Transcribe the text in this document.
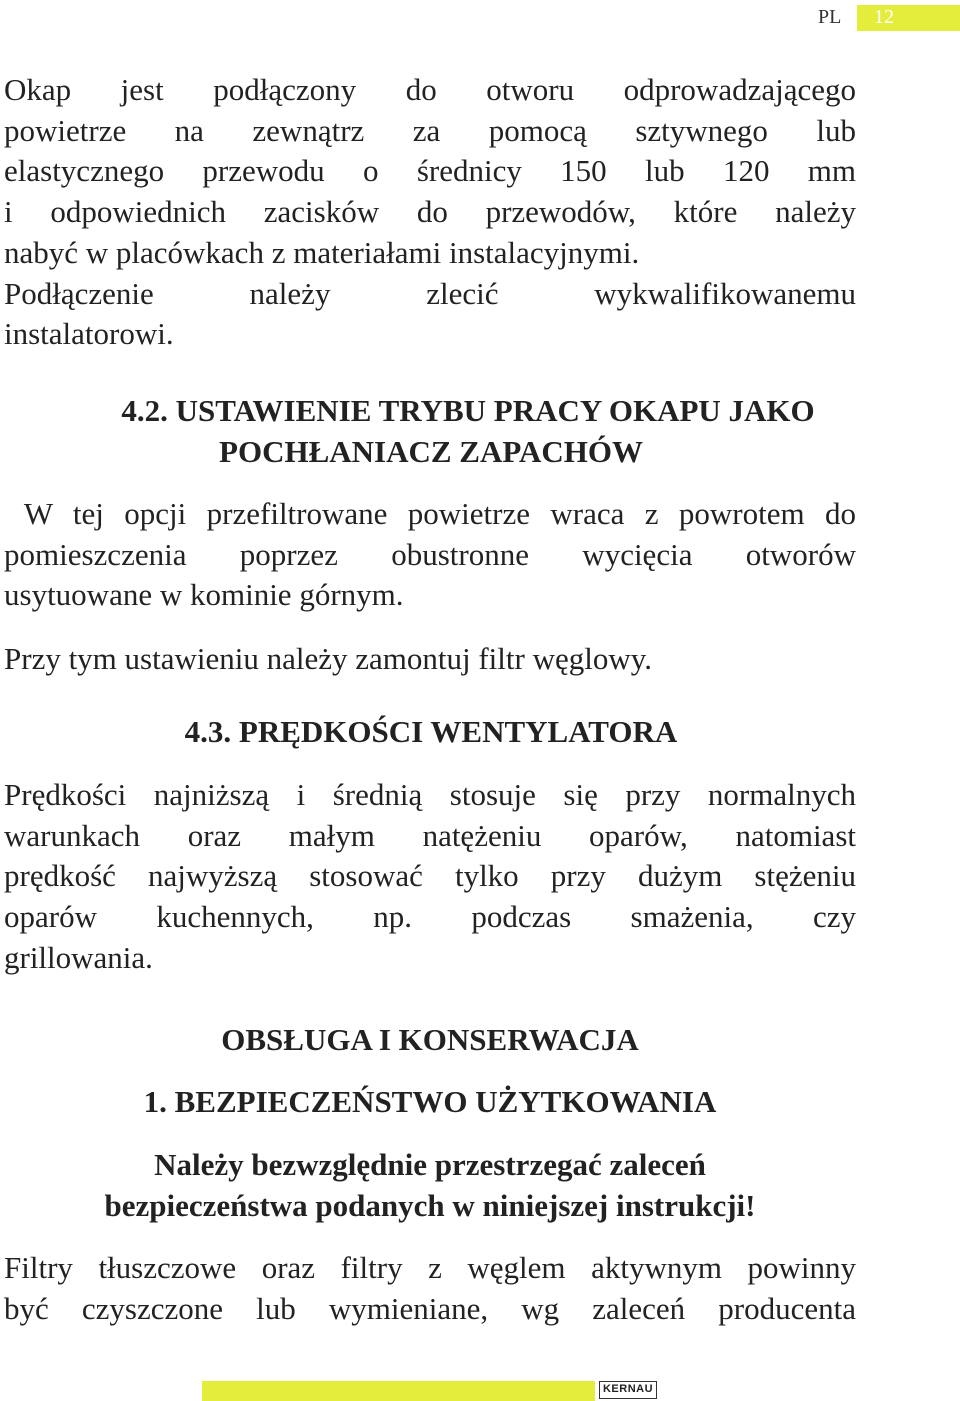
PL 12
Okap jest podłączony do otworu odprowadzającego
powietrze na zewnątrz za pomocą sztywnego lub
elastycznego przewodu o średnicy 150 lub 120 mm
i odpowiednich zacisków do przewodów, które należy
nabyć w placówkach z materiałami instalacyjnymi.
Podłączenie należy zlecić wykwalifikowanemu
instalatorowi.
4.2. USTAWIENIE TRYBU PRACY OKAPU JAKO
POCHŁANIACZ ZAPACHÓW
W tej opcji przefiltrowane powietrze wraca z powrotem do
pomieszczenia poprzez obustronne wycięcia otworów
usytuowane w kominie górnym.
Przy tym ustawieniu należy zamontuj filtr węglowy.
4.3. PRĘDKOŚCI WENTYLATORA
Prędkości najniższą i średnią stosuje się przy normalnych
warunkach oraz małym natężeniu oparów, natomiast
prędkość najwyższą stosować tylko przy dużym stężeniu
oparów kuchennych, np. podczas smażenia, czy
grillowania.
OBSŁUGA I KONSERWACJA
1. BEZPIECZEŃSTWO UŻYTKOWANIA
Należy bezwzględnie przestrzegać zaleceń
bezpieczeństwa podanych w niniejszej instrukcji!
Filtry tłuszczowe oraz filtry z węglem aktywnym powinny
być czyszczone lub wymieniane, wg zaleceń producenta
KERNAU
